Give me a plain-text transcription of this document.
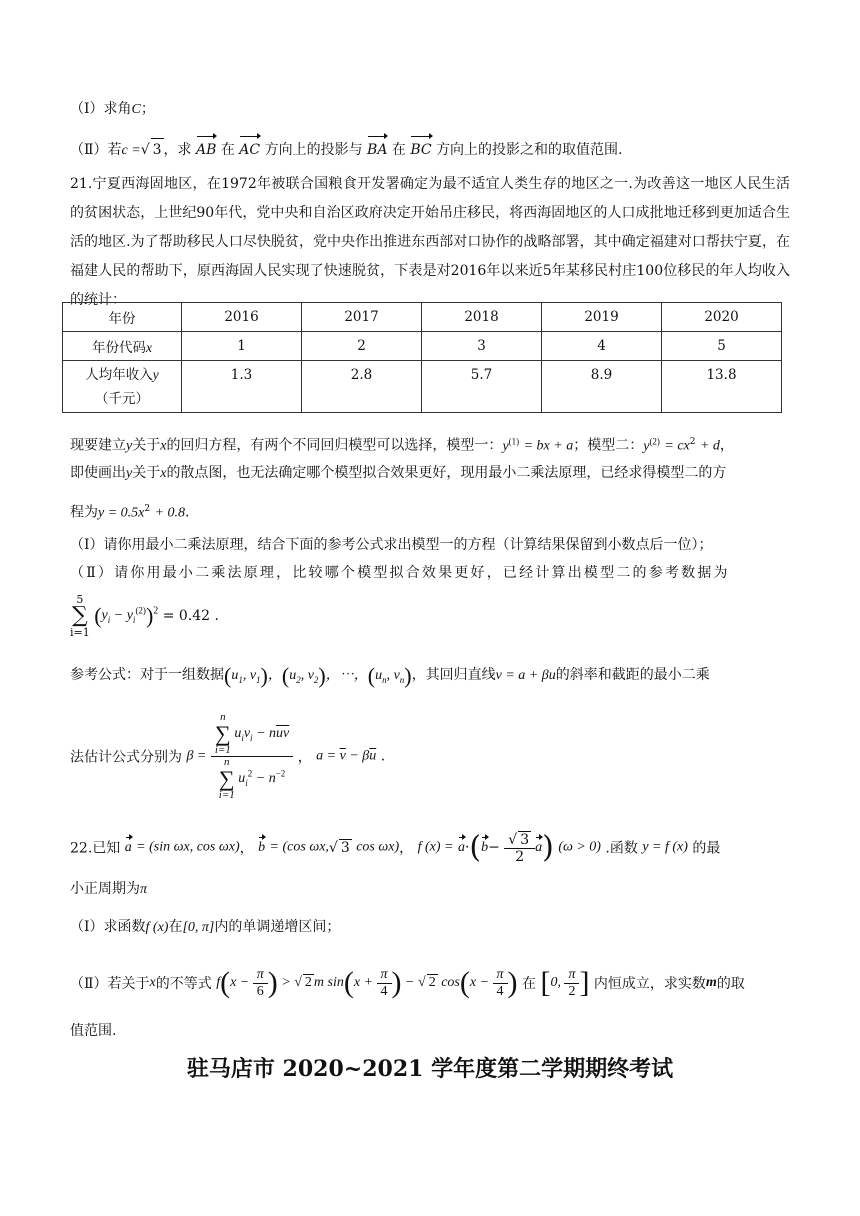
（Ⅰ）求角C；
（Ⅱ）若c =√ 3 ，求 AB 在 AC 方向上的投影与 BA 在 BC 方向上的投影之和的取值范围.
21.宁夏西海固地区，在1972年被联合国粮食开发署确定为最不适宜人类生存的地区之一.为改善这一地区人民生活的贫困状态，上世纪90年代，党中央和自治区政府决定开始吊庄移民，将西海固地区的人口成批地迁移到更加适合生活的地区.为了帮助移民人口尽快脱贫，党中央作出推进东西部对口协作的战略部署，其中确定福建对口帮扶宁夏，在福建人民的帮助下，原西海固人民实现了快速脱贫，下表是对2016年以来近5年某移民村庄100位移民的年人均收入的统计：
年份	2016	2017	2018	2019	2020
年份代码x	1	2	3	4	5
人均年收入y
（千元）	1.3	2.8	5.7	8.9	13.8
现要建立y关于x的回归方程，有两个不同回归模型可以选择，模型一：$y^{(1)}$ = bx + a；模型二：$y^{(2)} = cx^2 + d$，
即使画出y关于x的散点图，也无法确定哪个模型拟合效果更好，现用最小二乘法原理，已经求得模型二的方
程为$y = 0.5x^2 + 0.8$.
（Ⅰ）请你用最小二乘法原理，结合下面的参考公式求出模型一的方程（计算结果保留到小数点后一位）；
（Ⅱ）请你用最小二乘法原理，比较哪个模型拟合效果更好，已经计算出模型二的参考数据为
5
∑
i=1 $(y_i - y_i^{(2)})^2 = 0.42$ .
参考公式：对于一组数据($u_1$, $v_1$)，($u_2$, $v_2$)，⋯，($u_n$, $v_n$)，其回归直线v = a + βu的斜率和截距的最小二乘
法估计公式分别为 β = n
∑
i=1 $u_iv_i - n\overline{u}\overline{v}$
n
∑
i=1 $u_i^2 - n^{-2}$ ， $a = \overline{v} - \beta\overline{u}$ .
22.已知 a = (sin ωx, cos ωx)， b = (cos ωx,√ 3 cos ωx)， f $(x) = a\cdot(b- \frac{√ 3}{2} a)$ (ω > 0) .函数 y = f (x) 的最
小正周期为π
（Ⅰ）求函数f (x)在[0, π]内的单调递增区间；
（Ⅱ）若关于x的不等式 $f(x - \frac{\pi}{6}$ ) > √ 2 m $\sin(x + \frac{\pi}{4}$ ) − √ 2 $\cos(x - \frac{\pi}{4}$ ) 在 [0, $\frac{\pi}{2}$ ] 内恒成立，求实数m的取
值范围.
驻马店市 2020~2021 学年度第二学期期终考试
